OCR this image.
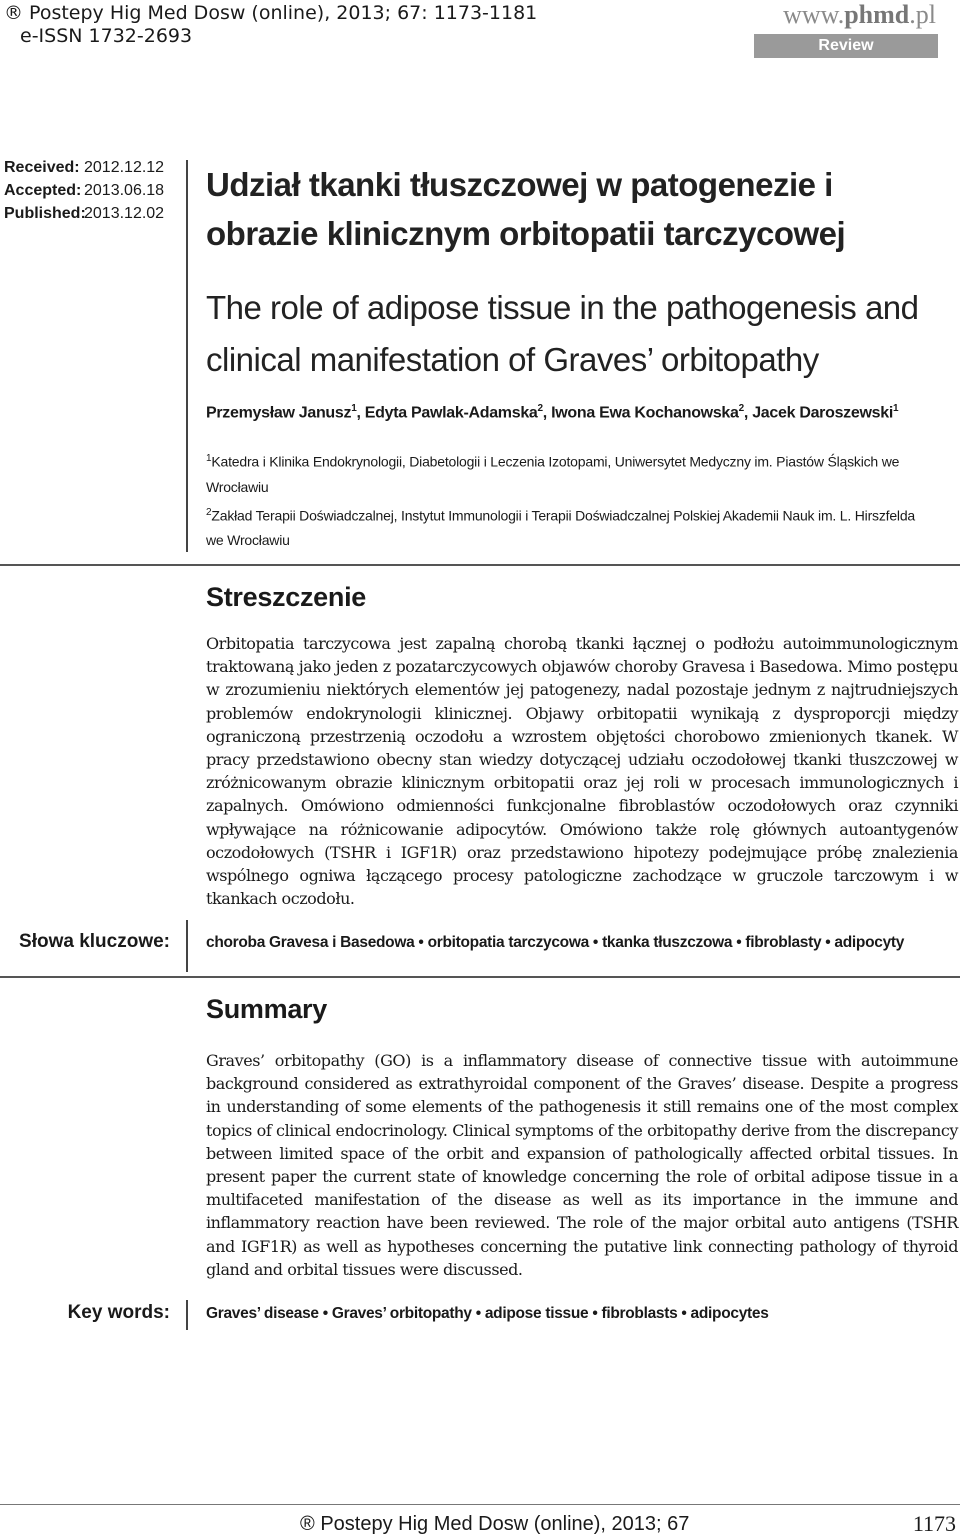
® Postepy Hig Med Dosw (online), 2013; 67: 1173-1181
e-ISSN 1732-2693
www.phmd.pl
Review
Received: 2012.12.12
Accepted: 2013.06.18
Published:2013.12.02
Udział tkanki tłuszczowej w patogenezie i obrazie klinicznym orbitopatii tarczycowej
The role of adipose tissue in the pathogenesis and clinical manifestation of Graves’ orbitopathy
Przemysław Janusz$^1$, Edyta Pawlak-Adamska$^2$, Iwona Ewa Kochanowska$^2$, Jacek Daroszewski$^1$

$^1$Katedra i Klinika Endokrynologii, Diabetologii i Leczenia Izotopami, Uniwersytet Medyczny im. Piastów Śląskich we Wrocławiu

$^2$Zakład Terapii Doświadczalnej, Instytut Immunologii i Terapii Doświadczalnej Polskiej Akademii Nauk im. L. Hirszfelda we Wrocławiu

Streszczenie
Orbitopatia tarczycowa jest zapalną chorobą tkanki łącznej o podłożu autoimmunologicznym traktowaną jako jeden z pozatarczycowych objawów choroby Gravesa i Basedowa. Mimo postępu w zrozumieniu niektórych elementów jej patogenezy, nadal pozostaje jednym z najtrudniejszych problemów endokrynologii klinicznej. Objawy orbitopatii wynikają z dysproporcji między ograniczoną przestrzenią oczodołu a wzrostem objętości chorobowo zmienionych tkanek. W pracy przedstawiono obecny stan wiedzy dotyczącej udziału oczodołowej tkanki tłuszczowej w zróżnicowanym obrazie klinicznym orbitopatii oraz jej roli w procesach immunologicznych i zapalnych. Omówiono odmienności funkcjonalne fibroblastów oczodołowych oraz czynniki wpływające na różnicowanie adipocytów. Omówiono także rolę głównych autoantygenów oczodołowych (TSHR i IGF1R) oraz przedstawiono hipotezy podejmujące próbę znalezienia wspólnego ogniwa łączącego procesy patologiczne zachodzące w gruczole tarczowym i w tkankach oczodołu.
Słowa kluczowe: choroba Gravesa i Basedowa • orbitopatia tarczycowa • tkanka tłuszczowa • fibroblasty • adipocyty
Summary
Graves’ orbitopathy (GO) is a inflammatory disease of connective tissue with autoimmune background considered as extrathyroidal component of the Graves’ disease. Despite a progress in understanding of some elements of the pathogenesis it still remains one of the most complex topics of clinical endocrinology. Clinical symptoms of the orbitopathy derive from the discrepancy between limited space of the orbit and expansion of pathologically affected orbital tissues. In present paper the current state of knowledge concerning the role of orbital adipose tissue in a multifaceted manifestation of the disease as well as its importance in the immune and inflammatory reaction have been reviewed. The role of the major orbital auto antigens (TSHR and IGF1R) as well as hypotheses concerning the putative link connecting pathology of thyroid gland and orbital tissues were discussed.
Key words: Graves’ disease • Graves’ orbitopathy • adipose tissue • fibroblasts • adipocytes
® Postepy Hig Med Dosw (online), 2013; 67	1173
